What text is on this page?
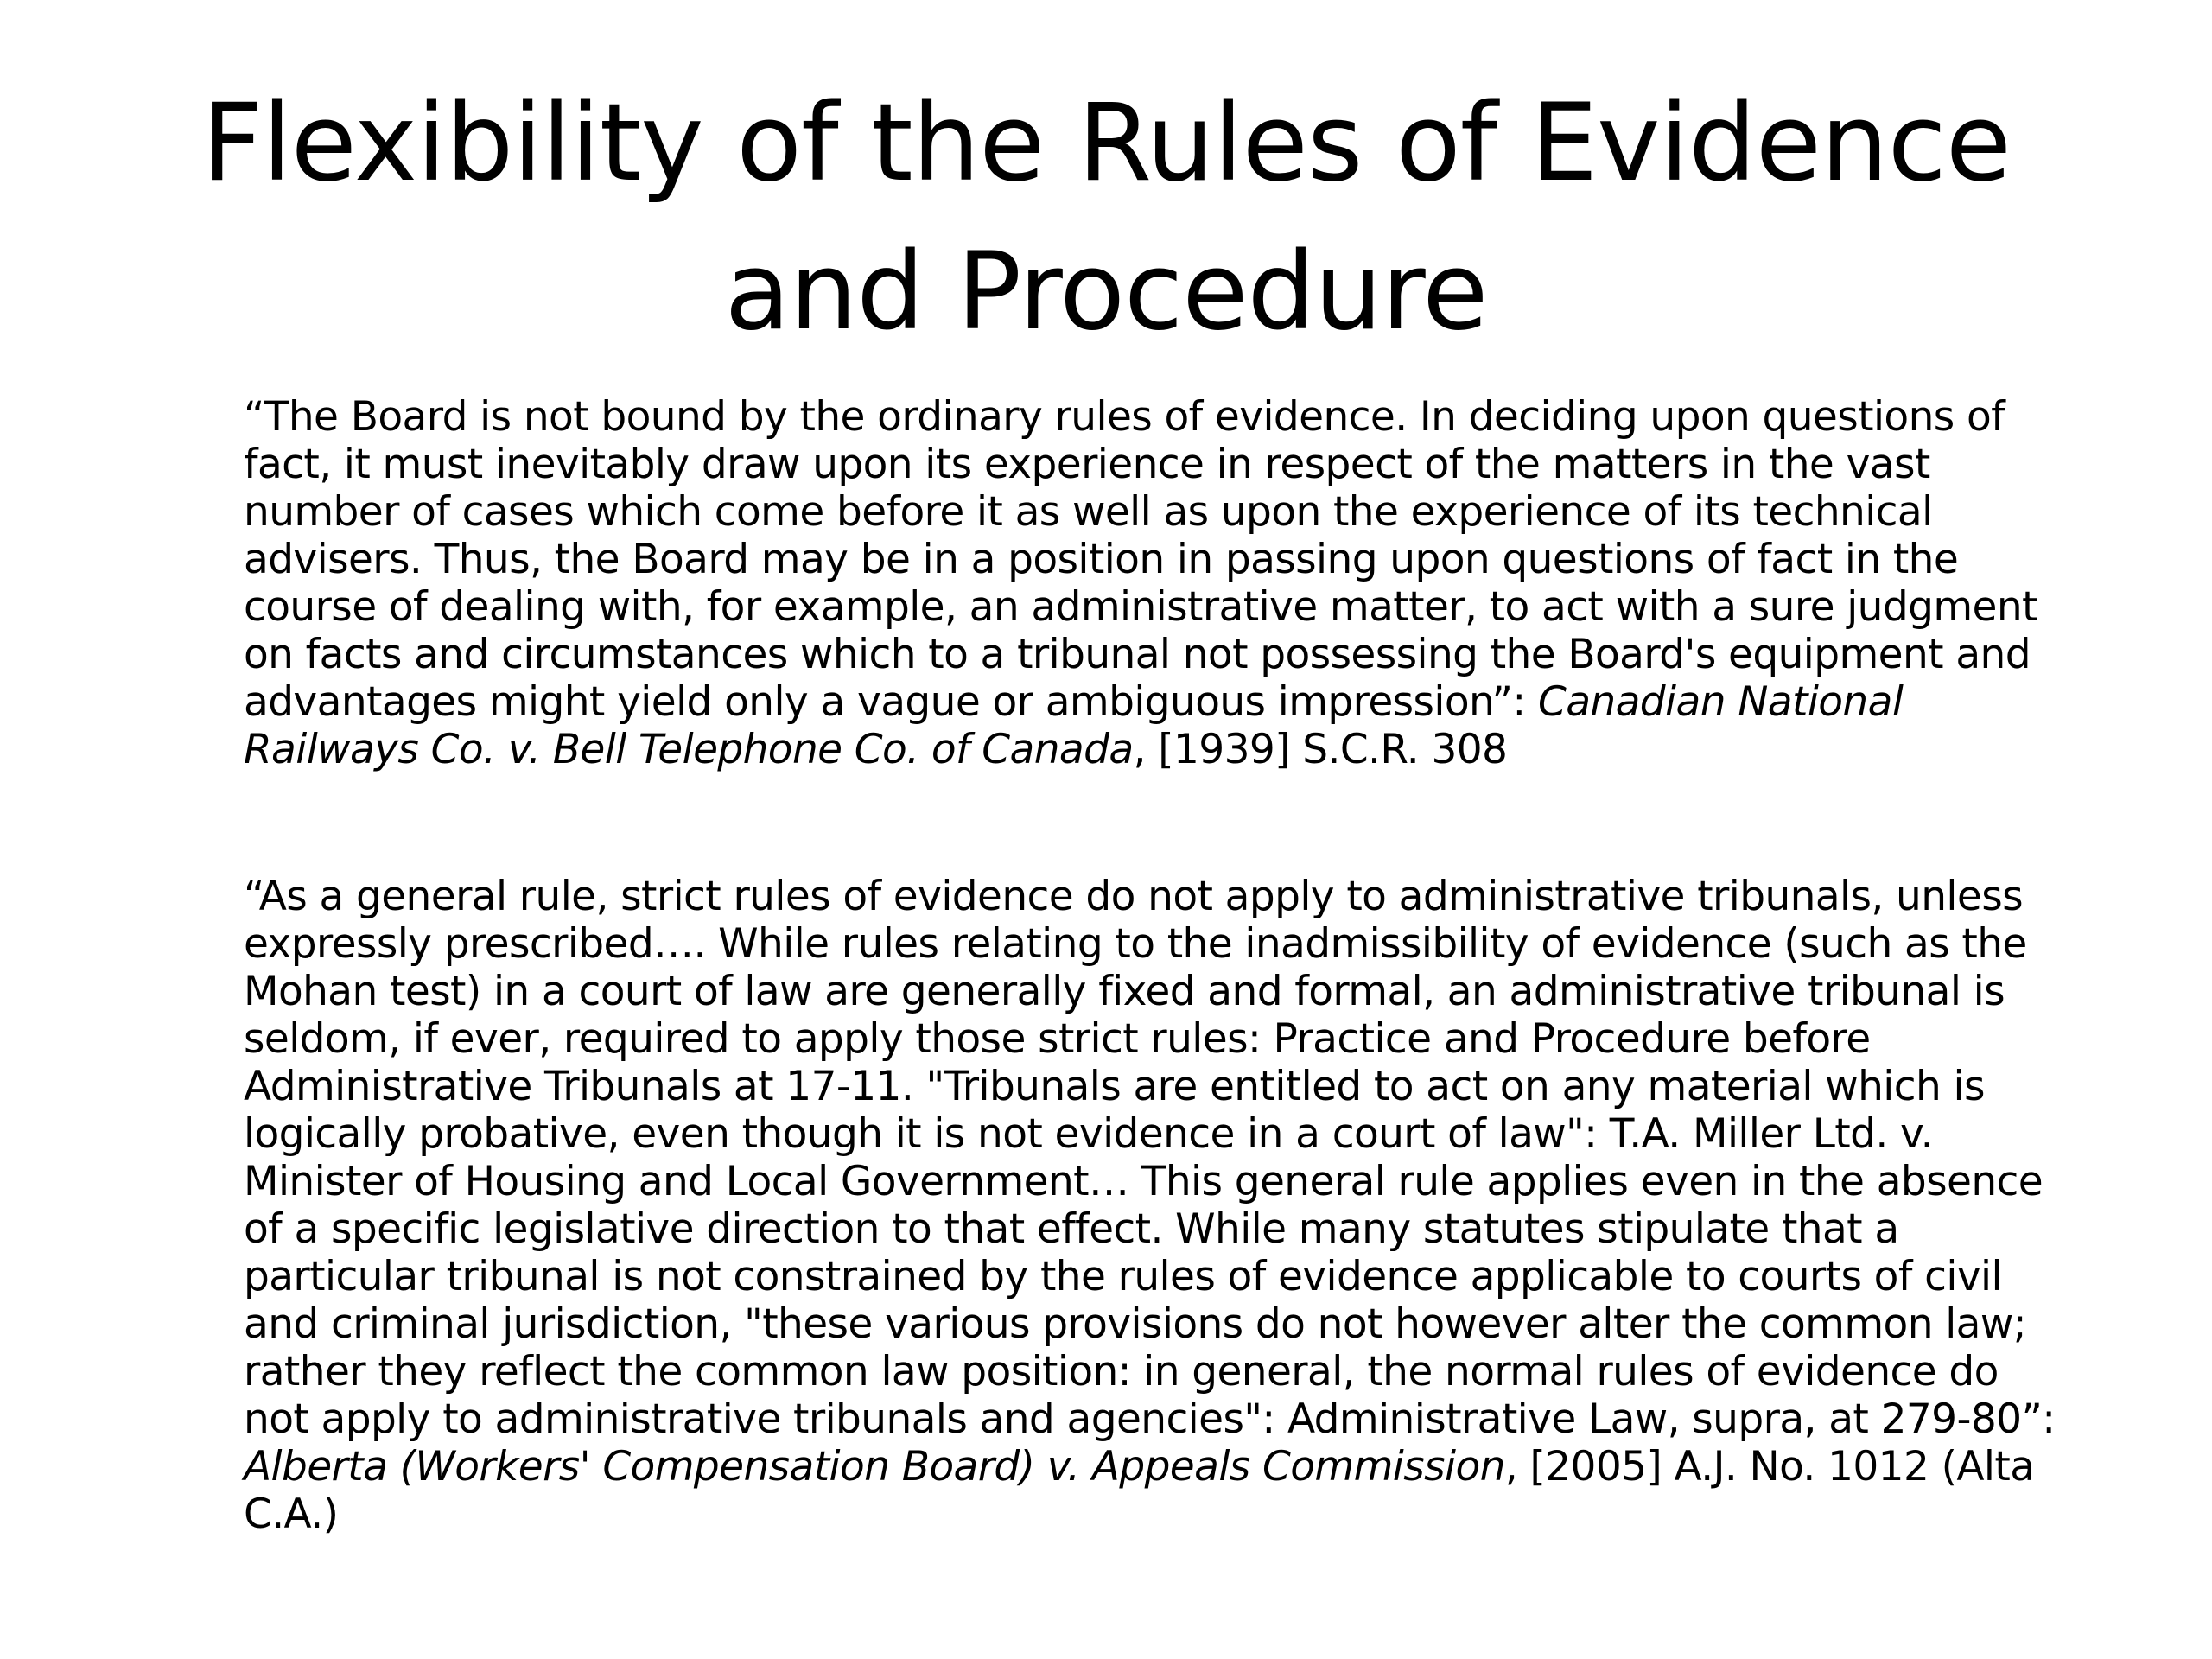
Flexibility of the Rules of Evidence and Procedure

“The Board is not bound by the ordinary rules of evidence. In deciding upon questions of fact, it must inevitably draw upon its experience in respect of the matters in the vast number of cases which come before it as well as upon the experience of its technical advisers. Thus, the Board may be in a position in passing upon questions of fact in the course of dealing with, for example, an administrative matter, to act with a sure judgment on facts and circumstances which to a tribunal not possessing the Board's equipment and advantages might yield only a vague or ambiguous impression”: Canadian National Railways Co. v. Bell Telephone Co. of Canada, [1939] S.C.R. 308

“As a general rule, strict rules of evidence do not apply to administrative tribunals, unless expressly prescribed…. While rules relating to the inadmissibility of evidence (such as the Mohan test) in a court of law are generally fixed and formal, an administrative tribunal is seldom, if ever, required to apply those strict rules: Practice and Procedure before Administrative Tribunals at 17-11. "Tribunals are entitled to act on any material which is logically probative, even though it is not evidence in a court of law": T.A. Miller Ltd. v. Minister of Housing and Local Government… This general rule applies even in the absence of a specific legislative direction to that effect. While many statutes stipulate that a particular tribunal is not constrained by the rules of evidence applicable to courts of civil and criminal jurisdiction, "these various provisions do not however alter the common law; rather they reflect the common law position: in general, the normal rules of evidence do not apply to administrative tribunals and agencies": Administrative Law, supra, at 279-80”: Alberta (Workers' Compensation Board) v. Appeals Commission, [2005] A.J. No. 1012 (Alta C.A.)
